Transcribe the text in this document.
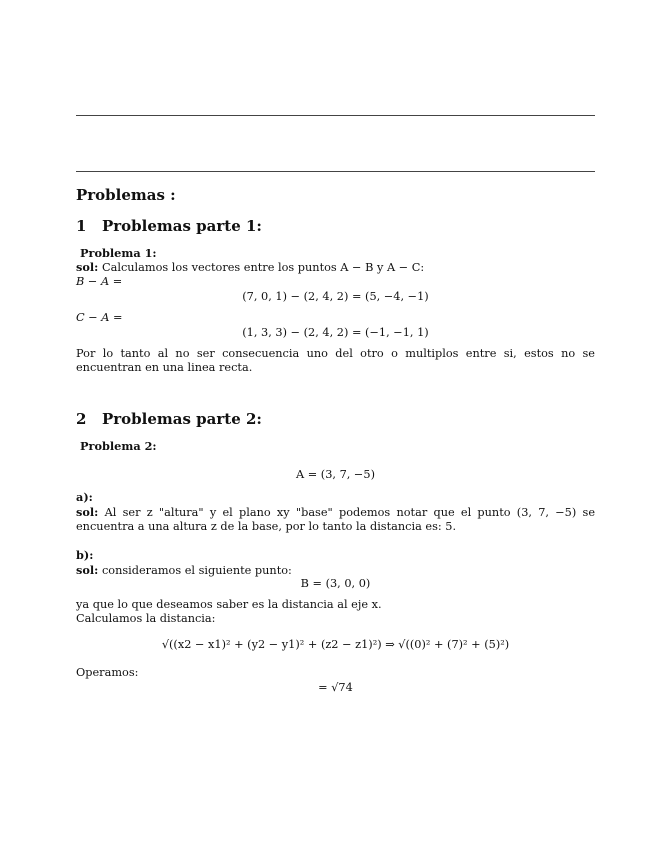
Problemas :
1 Problemas parte 1:
Problema 1:
sol: Calculamos los vectores entre los puntos A − B y A − C:
B − A =
(7, 0, 1) − (2, 4, 2) = (5, −4, −1)
C − A =
(1, 3, 3) − (2, 4, 2) = (−1, −1, 1)
Por lo tanto al no ser consecuencia uno del otro o multiplos entre si, estos no se encuentran en una linea recta.
2 Problemas parte 2:
Problema 2:
A = (3, 7, −5)
a):
sol: Al ser z "altura" y el plano xy "base" podemos notar que el punto (3, 7, −5) se encuentra a una altura z de la base, por lo tanto la distancia es: 5.
b):
sol: consideramos el siguiente punto:
B = (3, 0, 0)
ya que lo que deseamos saber es la distancia al eje x.
Calculamos la distancia:
√((x2 − x1)² + (y2 − y1)² + (z2 − z1)²) ⇒ √((0)² + (7)² + (5)²)
Operamos:
= √74
